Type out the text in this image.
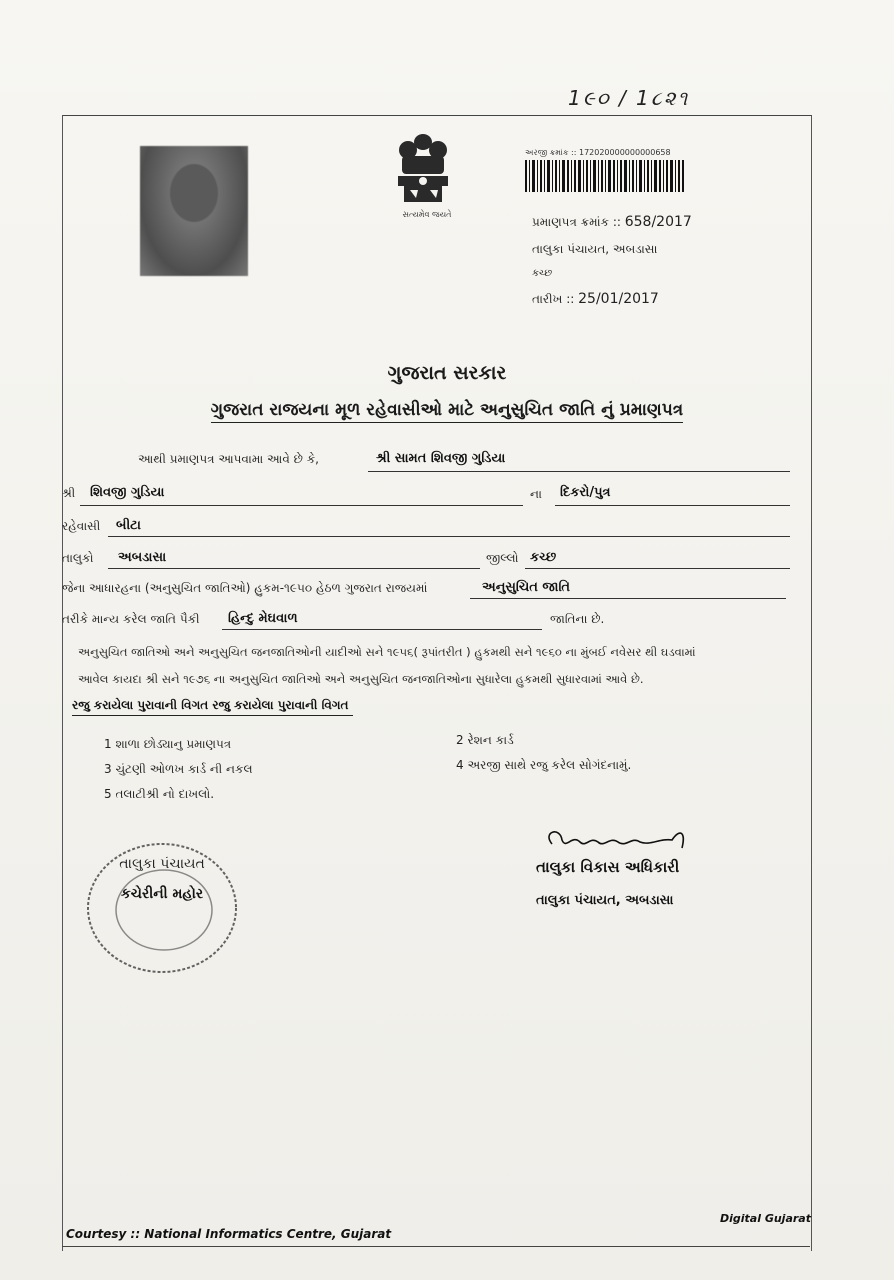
1૯૦ / 1૮૨૧
સત્યમેવ જયતે
અરજી ક્રમાંક :: 172020000000000658
પ્રમાણપત્ર ક્રમાંક :: 658/2017
તાલુકા પંચાયત, અબડાસા
કચ્છ
તારીખ :: 25/01/2017
ગુજરાત સરકાર
ગુજરાત રાજયના મૂળ રહેવાસીઓ માટે અનુસુચિત જાતિ નું પ્રમાણપત્ર
આથી પ્રમાણપત્ર આપવામા આવે છે કે,	શ્રી સામત શિવજી ગુડિયા
શ્રી શિવજી ગુડિયા	ના દિકરો/પુત્ર
રહેવાસી બીટા
તાલુકો અબડાસા	જીલ્લો કચ્છ
જેના આધારહના (અનુસુચિત જાતિઓ) હુકમ-૧૯૫૦ હેઠળ ગુજરાત રાજયમાં	અનુસુચિત જાતિ
તરીકે માન્ય કરેલ જાતિ પૈકી હિન્દુ મેઘવાળ	જાતિના છે.
અનુસુચિત જાતિઓ અને અનુસુચિત જનજાતિઓની યાદીઓ સને ૧૯૫૬( રૂપાંતરીત ) હુકમથી સને ૧૯૬૦ ના મુંબઈ નવેસર થી ઘડવામાં
આવેલ કાયદા શ્રી સને ૧૯૭૬ ના અનુસુચિત જાતિઓ અને અનુસુચિત જનજાતિઓના સુધારેલા હુકમથી સુધારવામાં આવે છે.
રજુ કરાયેલા પુરાવાની વિગત રજુ કરાયેલા પુરાવાની વિગત
1 શાળા છોડ્યાનુ પ્રમાણપત્ર	2 રેશન કાર્ડ
3 ચુંટણી ઓળખ કાર્ડ ની નકલ	4 અરજી સાથે રજુ કરેલ સોગંદનામું.
5 તલાટીશ્રી નો દાખલો.
તાલુકા પંચાયત
કચેરીની મહોર
તાલુકા વિકાસ અધિકારી
તાલુકા પંચાયત, અબડાસા
Courtesy :: National Informatics Centre, Gujarat
Digital Gujarat
